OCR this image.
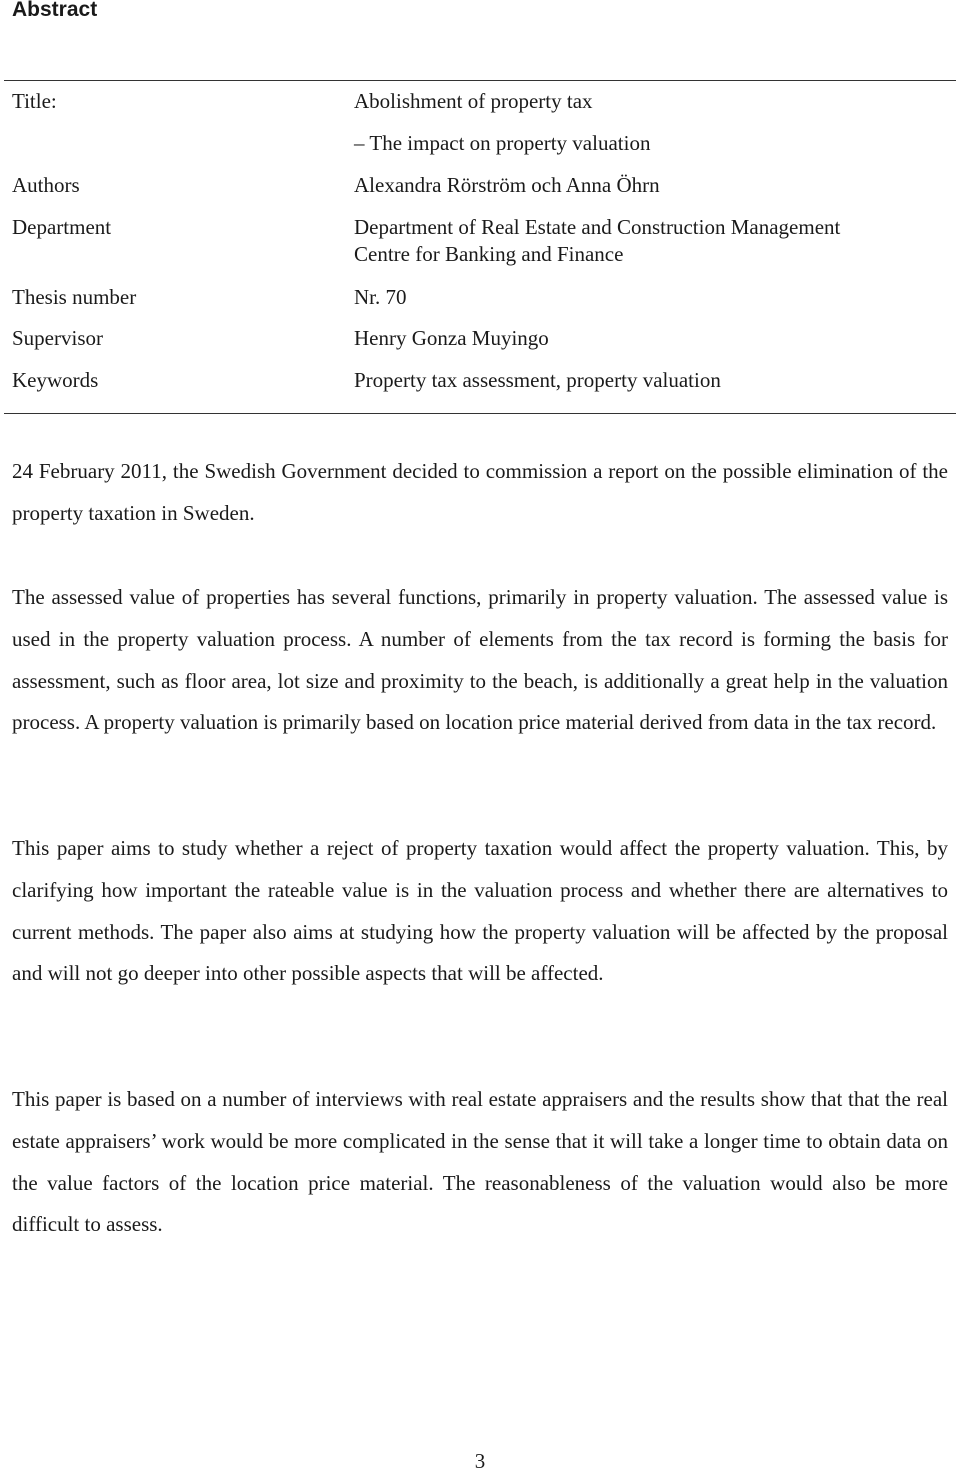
Abstract
Title:	Abolishment of property tax
– The impact on property valuation
Authors	Alexandra Rörström och Anna Öhrn
Department	Department of Real Estate and Construction Management
Centre for Banking and Finance
Thesis number	Nr. 70
Supervisor	Henry Gonza Muyingo
Keywords	Property tax assessment, property valuation

24 February 2011, the Swedish Government decided to commission a report on the possible elimination of the property taxation in Sweden.

The assessed value of properties has several functions, primarily in property valuation. The assessed value is used in the property valuation process. A number of elements from the tax record is forming the basis for assessment, such as floor area, lot size and proximity to the beach, is additionally a great help in the valuation process. A property valuation is primarily based on location price material derived from data in the tax record.

This paper aims to study whether a reject of property taxation would affect the property valuation. This, by clarifying how important the rateable value is in the valuation process and whether there are alternatives to current methods. The paper also aims at studying how the property valuation will be affected by the proposal and will not go deeper into other possible aspects that will be affected.

This paper is based on a number of interviews with real estate appraisers and the results show that that the real estate appraisers’ work would be more complicated in the sense that it will take a longer time to obtain data on the value factors of the location price material. The reasonableness of the valuation would also be more difficult to assess.

3
